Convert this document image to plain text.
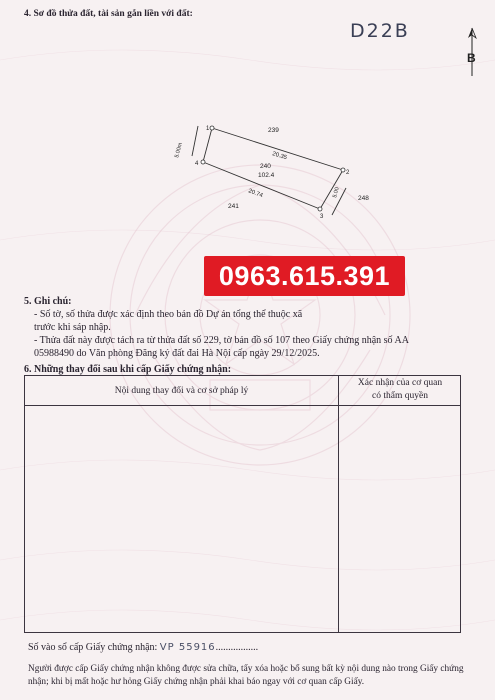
4. Sơ đồ thửa đất, tài sản gắn liền với đất:
D22B
B
1
2
3
4
239
20.35
240
102.4
20.74
5.00m
5.00	248
241
0963.615.391
5. Ghi chú:

- Số tờ, số thửa được xác định theo bản đồ Dự án tổng thể thuộc xã

trước khi sáp nhập.

- Thửa đất này được tách ra từ thửa đất số 229, tờ bản đồ số 107 theo Giấy chứng nhận số AA

05988490 do Văn phòng Đăng ký đất đai Hà Nội cấp ngày 29/12/2025.

6. Những thay đổi sau khi cấp Giấy chứng nhận:
Nội dung thay đổi và cơ sở pháp lý
Xác nhận của cơ quan
có thẩm quyền
Số vào sổ cấp Giấy chứng nhận: VP 55916.................
Người được cấp Giấy chứng nhận không được sửa chữa, tẩy xóa hoặc bổ sung bất kỳ nội dung nào trong Giấy chứng nhận; khi bị mất hoặc hư hỏng Giấy chứng nhận phải khai báo ngay với cơ quan cấp Giấy.
